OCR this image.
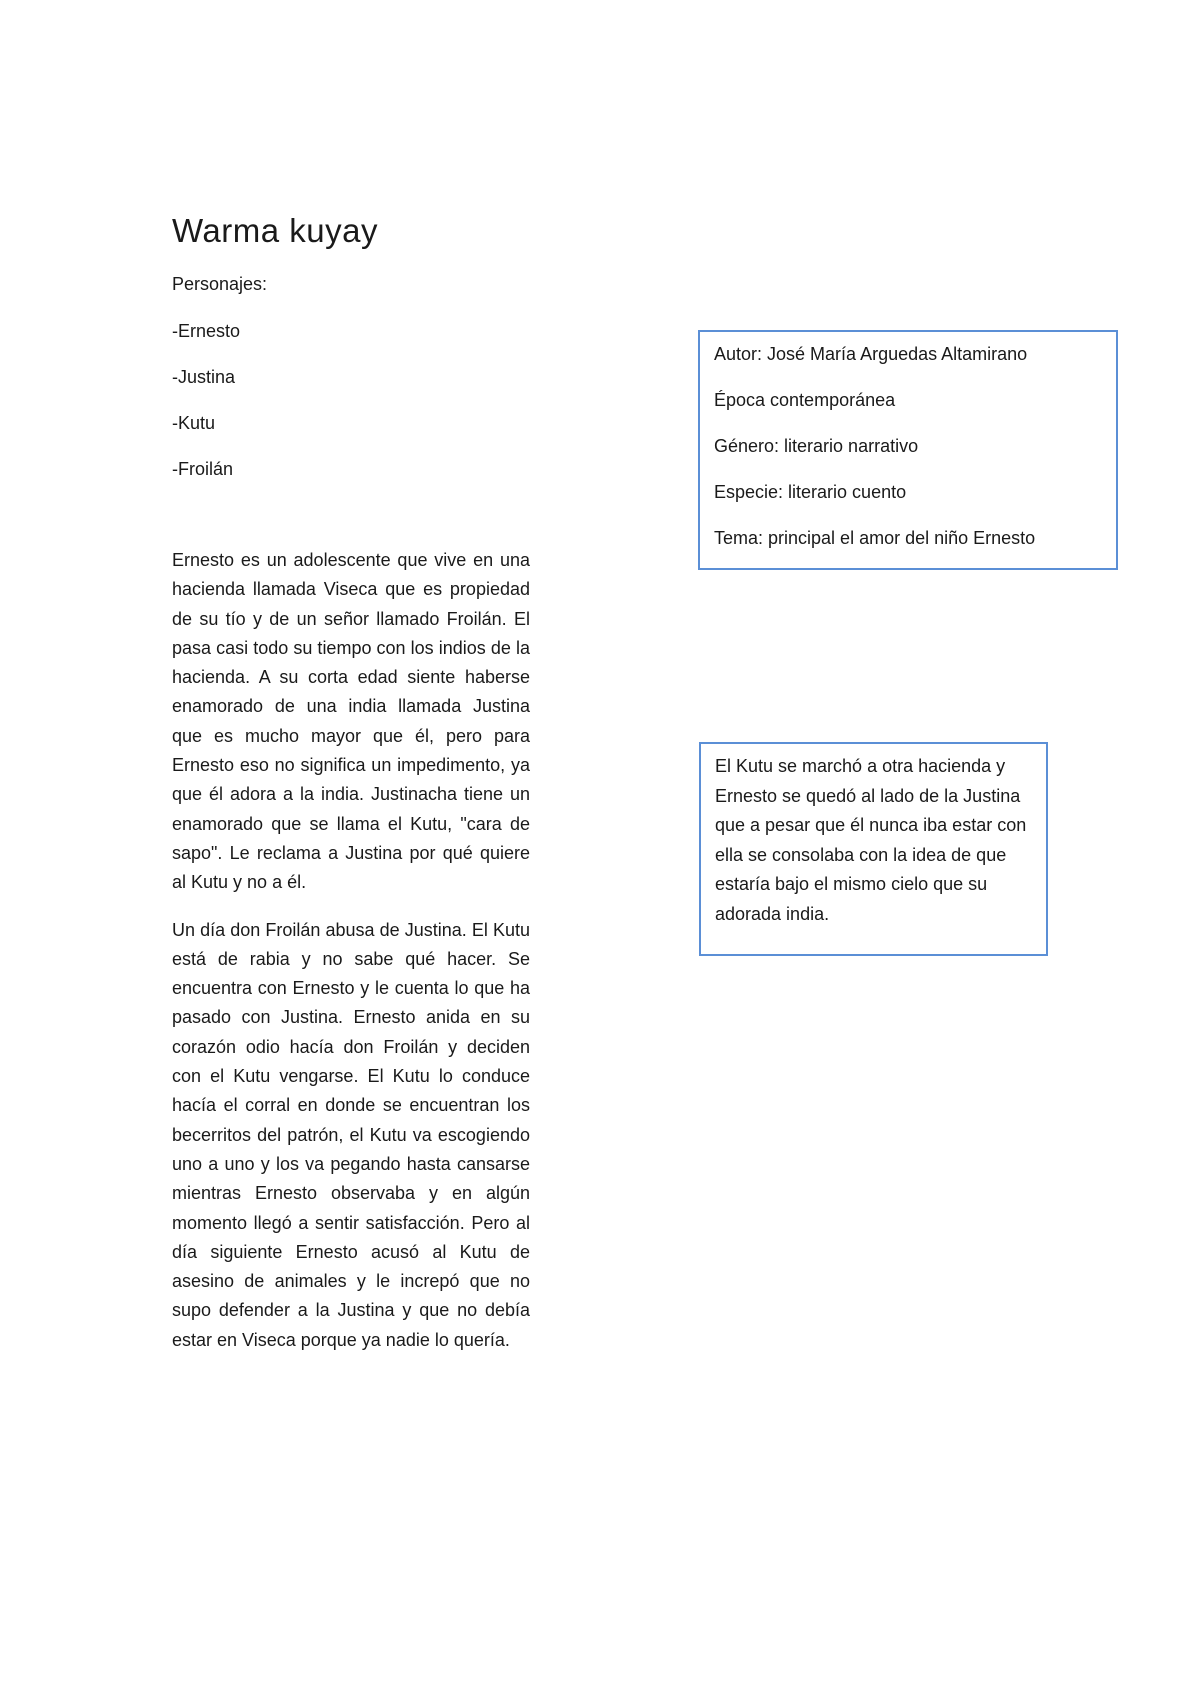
Warma kuyay

Personajes:

-Ernesto
-Justina
-Kutu
-Froilán

Ernesto es un adolescente que vive en una hacienda llamada Viseca que es propiedad de su tío y de un señor llamado Froilán. El pasa casi todo su tiempo con los indios de la hacienda. A su corta edad siente haberse enamorado de una india llamada Justina que es mucho mayor que él, pero para Ernesto eso no significa un impedimento, ya que él adora a la india. Justinacha tiene un enamorado que se llama el Kutu, "cara de sapo". Le reclama a Justina por qué quiere al Kutu y no a él.

Un día don Froilán abusa de Justina. El Kutu está de rabia y no sabe qué hacer. Se encuentra con Ernesto y le cuenta lo que ha pasado con Justina. Ernesto anida en su corazón odio hacía don Froilán y deciden con el Kutu vengarse. El Kutu lo conduce hacía el corral en donde se encuentran los becerritos del patrón, el Kutu va escogiendo uno a uno y los va pegando hasta cansarse mientras Ernesto observaba y en algún momento llegó a sentir satisfacción. Pero al día siguiente Ernesto acusó al Kutu de asesino de animales y le increpó que no supo defender a la Justina y que no debía estar en Viseca porque ya nadie lo quería.

Autor: José María Arguedas Altamirano
Época contemporánea
Género: literario narrativo
Especie: literario cuento
Tema: principal el amor del niño Ernesto

El Kutu se marchó a otra hacienda y Ernesto se quedó al lado de la Justina que a pesar que él nunca iba estar con ella se consolaba con la idea de que estaría bajo el mismo cielo que su adorada india.
